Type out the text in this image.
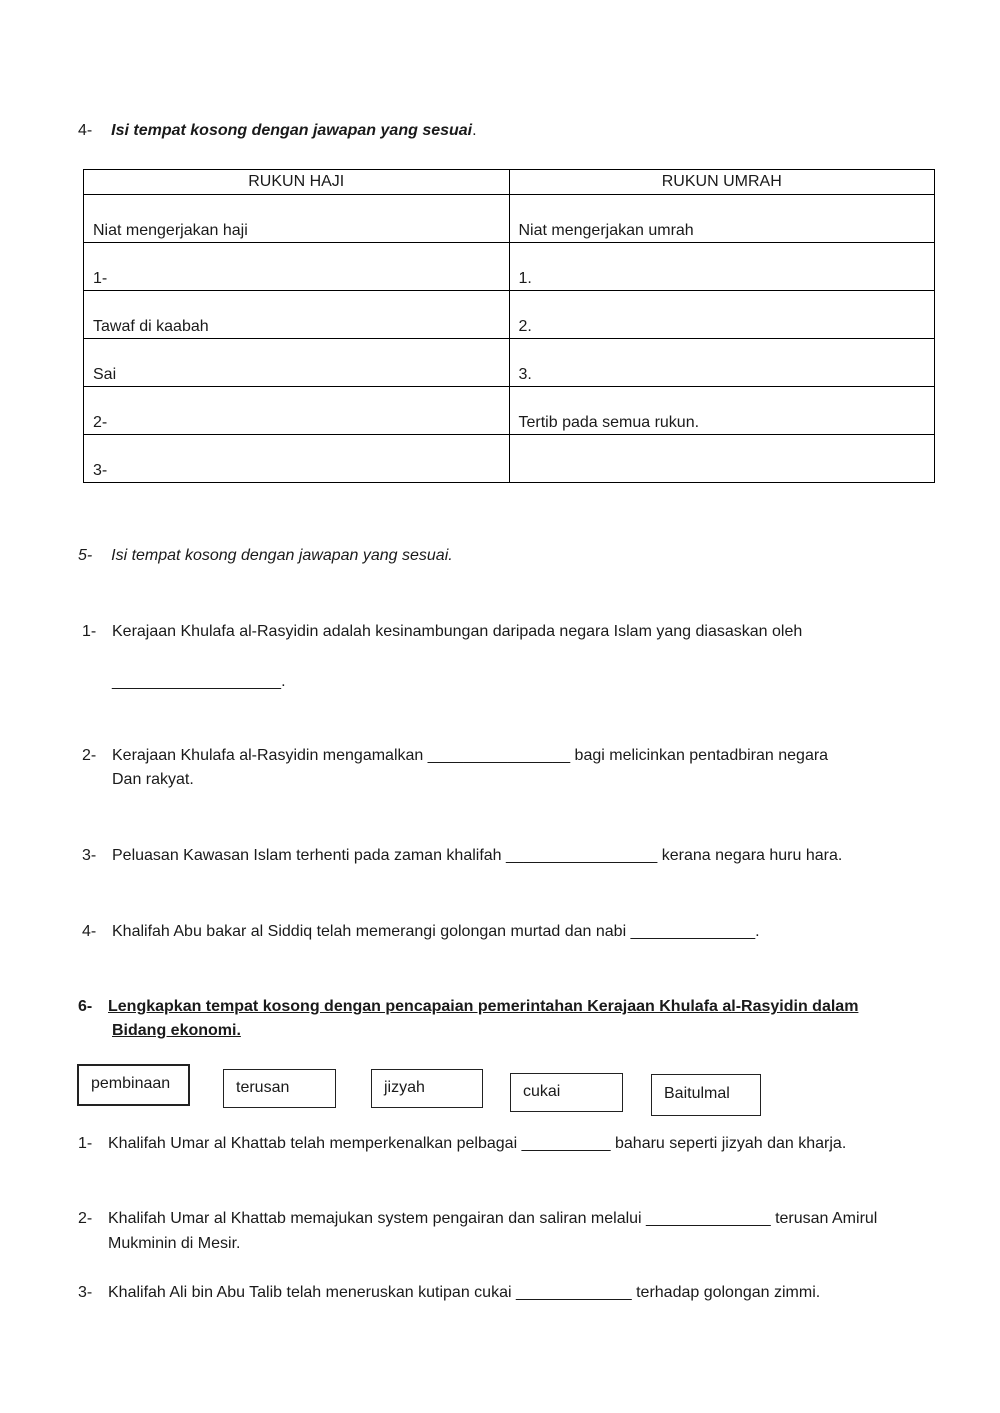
4- Isi tempat kosong dengan jawapan yang sesuai.
RUKUN HAJI	RUKUN UMRAH
Niat mengerjakan haji	Niat mengerjakan umrah
1-	1.
Tawaf di kaabah	2.
Sai	3.
2-	Tertib pada semua rukun.
3-	
5- Isi tempat kosong dengan jawapan yang sesuai.
1- Kerajaan Khulafa al-Rasyidin adalah kesinambungan daripada negara Islam yang diasaskan oleh
___________________.
2- Kerajaan Khulafa al-Rasyidin mengamalkan ________________ bagi melicinkan pentadbiran negara
Dan rakyat.
3- Peluasan Kawasan Islam terhenti pada zaman khalifah _________________ kerana negara huru hara.
4- Khalifah Abu bakar al Siddiq telah memerangi golongan murtad dan nabi ______________.
6- Lengkapkan tempat kosong dengan pencapaian pemerintahan Kerajaan Khulafa al-Rasyidin dalam
Bidang ekonomi.
pembinaan	terusan	jizyah	cukai	Baitulmal
1- Khalifah Umar al Khattab telah memperkenalkan pelbagai __________ baharu seperti jizyah dan kharja.
2- Khalifah Umar al Khattab memajukan system pengairan dan saliran melalui ______________ terusan Amirul
Mukminin di Mesir.
3- Khalifah Ali bin Abu Talib telah meneruskan kutipan cukai _____________ terhadap golongan zimmi.
